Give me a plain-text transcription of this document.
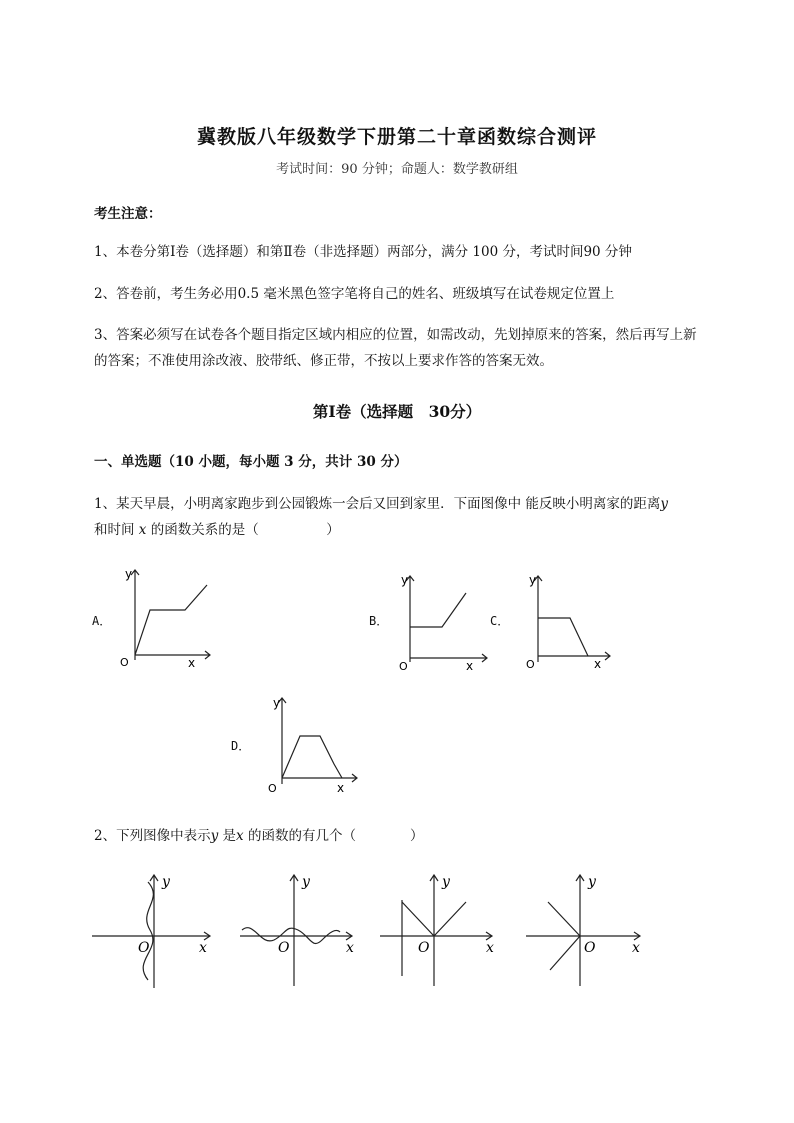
冀教版八年级数学下册第二十章函数综合测评
考试时间：90 分钟；命题人：数学教研组
考生注意：
1、本卷分第Ⅰ卷（选择题）和第Ⅱ卷（非选择题）两部分，满分 100 分，考试时间90 分钟
2、答卷前，考生务必用0.5 毫米黑色签字笔将自己的姓名、班级填写在试卷规定位置上
3、答案必须写在试卷各个题目指定区域内相应的位置，如需改动，先划掉原来的答案，然后再写上新
的答案；不准使用涂改液、胶带纸、修正带，不按以上要求作答的答案无效。
第Ⅰ卷（选择题　30分）
一、单选题（10 小题，每小题 3 分，共计 30 分）
1、某天早晨，小明离家跑步到公园锻炼一会后又回到家里．下面图像中 能反映小明离家的距离y
和时间 x 的函数关系的是（　　　　　）
A．
y
x
O
B．
y
x
O
C．
y
x
O
D．
y
x
O
2、下列图像中表示y 是x 的函数的有几个（　　　　）
y
x
O
y
x
O
y
x
O
y
x
O
